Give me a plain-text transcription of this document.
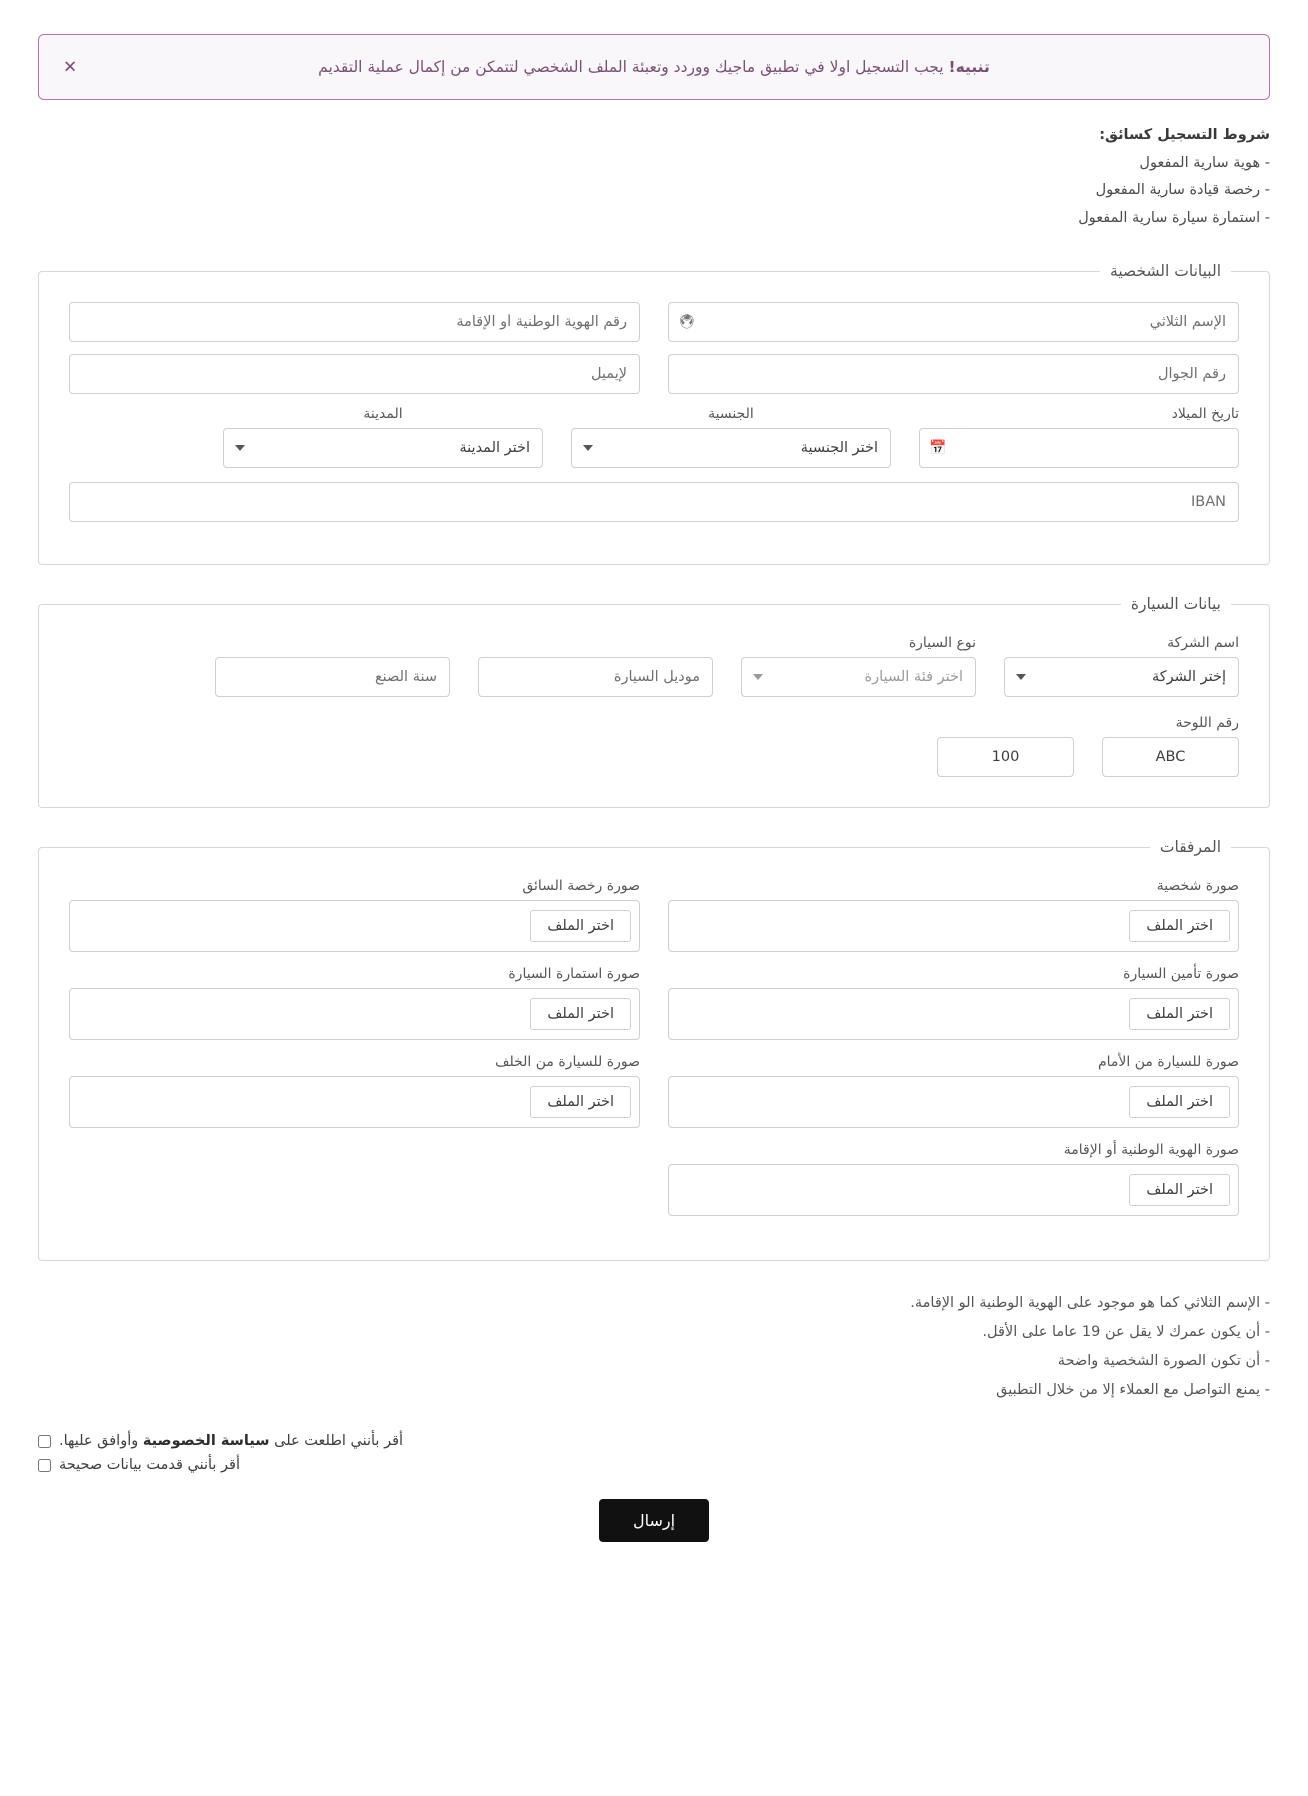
✕	تنبيه! يجب التسجيل اولا في تطبيق ماجيك ووردد وتعبئة الملف الشخصي لتتمكن من إكمال عملية التقديم
شروط التسجيل كسائق:
- هوية سارية المفعول
- رخصة قيادة سارية المفعول
- استمارة سيارة سارية المفعول
البيانات الشخصية
الإسم الثلاثي
🖲
رقم الهوية الوطنية أو الإقامة
رقم الجوال
لإيميل
تاريخ الميلاد
📅
الجنسية
اختر الجنسية
المدينة
اختر المدينة
IBAN
بيانات السيارة
اسم الشركة
إختر الشركة
نوع السيارة
اختر فئة السيارة
موديل السيارة
سنة الصنع
رقم اللوحة
ABC
100
المرفقات
صورة شخصية
اختر الملف
صورة رخصة السائق
اختر الملف
صورة تأمين السيارة
اختر الملف
صورة استمارة السيارة
اختر الملف
صورة للسيارة من الأمام
اختر الملف
صورة للسيارة من الخلف
اختر الملف
صورة الهوية الوطنية أو الإقامة
اختر الملف
- الإسم الثلاثي كما هو موجود على الهوية الوطنية الو الإقامة.
- أن يكون عمرك لا يقل عن 19 عاما على الأقل.
- أن تكون الصورة الشخصية واضحة
- يمنع التواصل مع العملاء إلا من خلال التطبيق
أقر بأنني اطلعت على سياسة الخصوصية وأوافق عليها.
أقر بأنني قدمت بيانات صحيحة
إرسال
